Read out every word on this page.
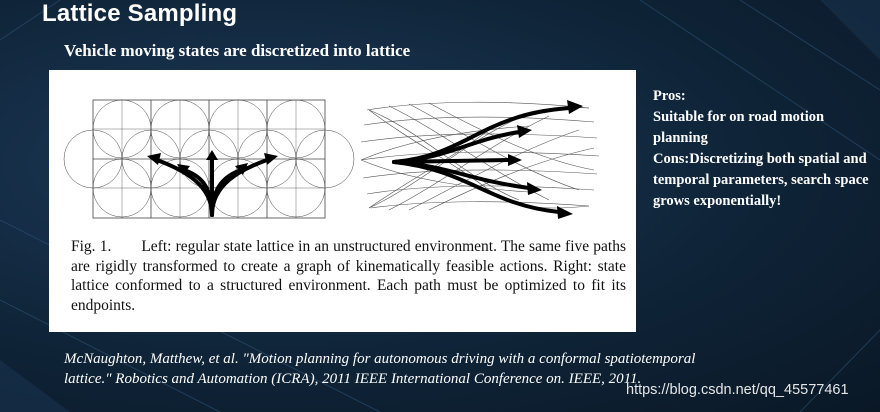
Lattice Sampling
Vehicle moving states are discretized into lattice
Fig. 1. Left: regular state lattice in an unstructured environment. The same five paths are rigidly transformed to create a graph of kinematically feasible actions. Right: state lattice conformed to a structured environment. Each path must be optimized to fit its endpoints.
Pros:
Suitable for on road motion planning
Cons:Discretizing both spatial and temporal parameters, search space grows exponentially!
McNaughton, Matthew, et al. "Motion planning for autonomous driving with a conformal spatiotemporal lattice." Robotics and Automation (ICRA), 2011 IEEE International Conference on. IEEE, 2011.
https://blog.csdn.net/qq_45577461
